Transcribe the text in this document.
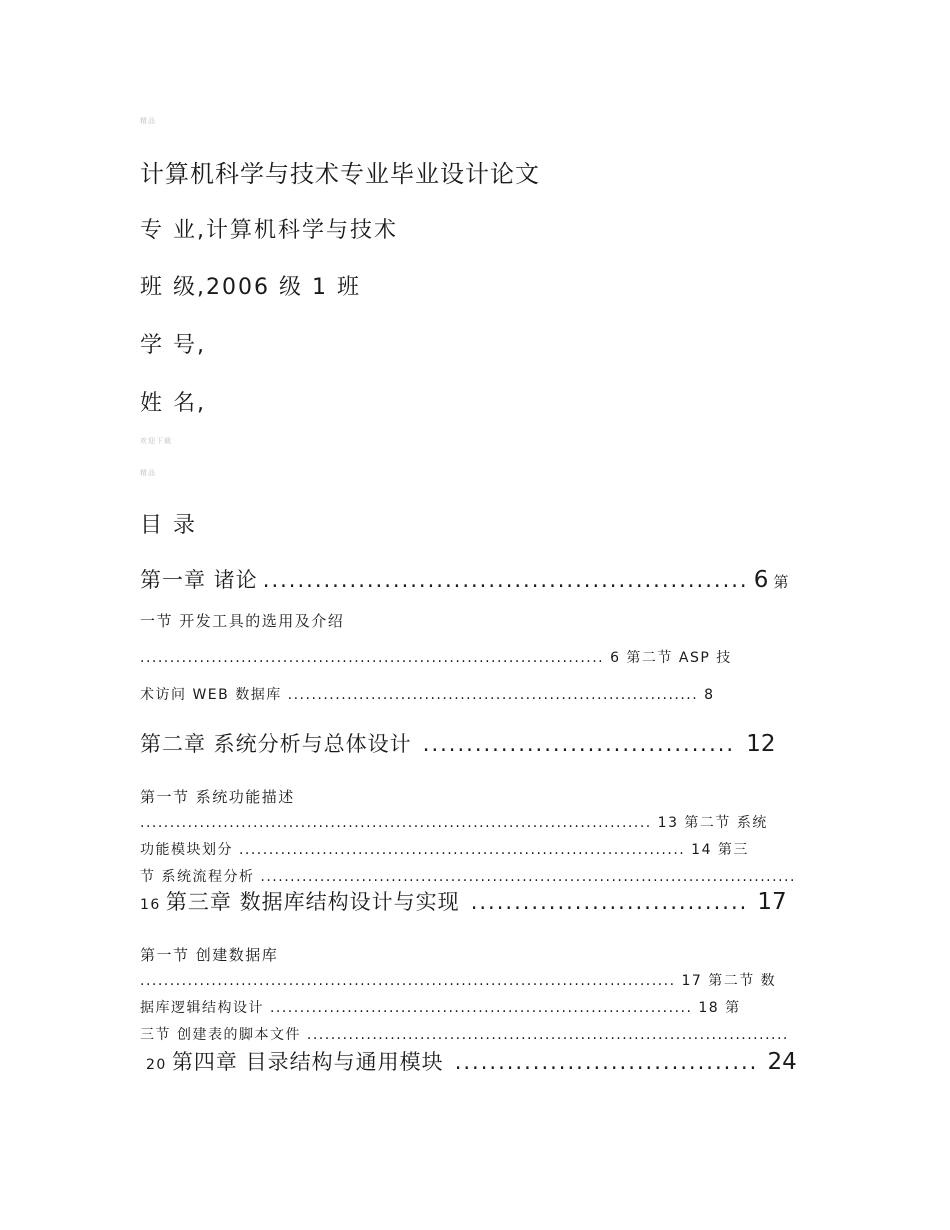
精品
计算机科学与技术专业毕业设计论文
专 业,计算机科学与技术
班 级,2006 级 1 班
学 号,
姓 名,
欢迎下载
精品
目 录
第一章 诸论 ........................................................ 6 第
一节 开发工具的选用及介绍
.............................................................................. 6 第二节 ASP 技
术访问 WEB 数据库 ..................................................................... 8
第二章 系统分析与总体设计 .................................... 12
第一节 系统功能描述
...................................................................................... 13 第二节 系统
功能模块划分 ........................................................................... 14 第三
节 系统流程分析 ..........................................................................................
16 第三章 数据库结构设计与实现 ................................ 17
第一节 创建数据库
.......................................................................................... 17 第二节 数
据库逻辑结构设计 ....................................................................... 18 第
三节 创建表的脚本文件 .................................................................................
20 第四章 目录结构与通用模块 ................................... 24
